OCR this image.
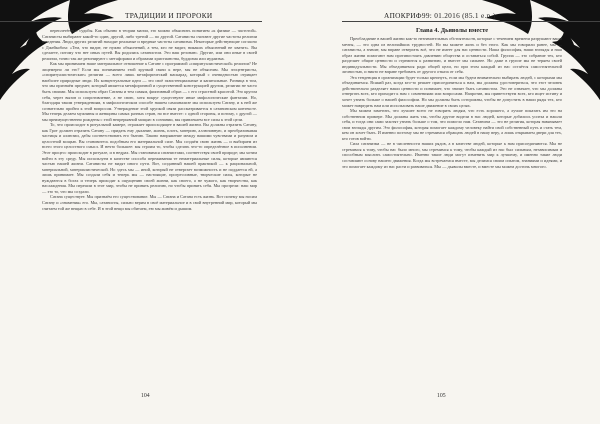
ТРАДИЦИИ И ПРОРОКИ

переплетённые судьбы. Как обычно в теории магии, это можно объяснить понятием «к физике — частотой». Сатанисты выбирают какой-то один, другой, либо третий — по другой. Сатанисты считают другие частоты религии и ведения. Люди других религий находят реальные и вредные частоты сатанизма. Некоторые действующие согласно с Джейкобом: «Тем, что видит, не нужно объяснений, а тем, кто не видит, никаких объяснений не хватит». Вы сделаете, потому что нет иных путей. Вы родились сатанистом. Это ваш резонанс. Другие, или они иные в своей религии, точно так же резонируют с метафорами и образами христианства, буддизма или иудаизма.

Как мы принимаем наше материальное отношение к Сатане с программой «спиритуалистической» религии? Не лицемерно ли это? Если мы пониманием этой хрупкой связи к вере, мы не объясним. Мы эгоцентристы, «спиритуалистические» религии — всего лишь метафорический маскарад, который с очевидностью отрицает наиболее природные люди. Их концептуальные идеи — это своё экзистенциальные и капитальные. Разница в том, что мы признаём предмет, который является метафоричной и существенной конструкцией другим, религии не часто быть своими. Мы используем образ Сатаны и тем самым, фиктивный образ — с его страстной красотой. Это кругом себя, через вызов и сопротивление, а не свою, хотя вокруг существуют иные мифологические фантазии. Но, благодаря таким утверждениям, в мифологическом способе нашем самоанализе мы используем Сатану, и к ней же сознательно пройти к этой вопросом. Утверждение этой хрупкой связи рассматривается в сатанинском контексте. Мы теперь делаем мужчины и женщины самых разных стран, но все вместе: с одной стороны, и потому, с другой — мы преимущественно рождены с этой непрерывной мощью в сознании, мы привлекаем все силы к этой цели.

То, что происходит в ритуальной камере, отражает происходящее в вашей жизни. Вы должны отразить Сатану, как Грот должен отразить Сатану — придать ему дыхание, жизнь, плоть, материю, аллюзивную, и преобразовывая частицы и аллюзии, дабы соответствовать его бытию. Таково напряжение между вашими чувствами и разумом и целостной мощью. Вы становитесь подобным его материальной силе. Мы создаём свою жизнь — и выбираем из всего этого целостного смысл. И нечто большее: мы строим то, чтобы сделать что-то определённое в исполнении. Этот процесс происходит в ритуале, и в недрах. Мы становимся сатанистами, соответствуя своей природе; мы хотим войти в эту среду. Мы используем в качестве способа переживания те нематериальные силы, которые являются частью нашей жизни. Сатанисты не видят иного пути. Вот, созданный нашей практикой — к рациональной, материальной, материалистической. Но здесь мы — иной, который не отвергает возможность и не поддается ей, а лишь принимает. Мы создали себя и теперь мы — настоящие, прогрессивные, творческие силы, которые не нуждаются в богах и теперь приходят к ощущению своей жизни, как своего, а не чужого, как творчества, как наслаждения. Мы перешли в этот мир, чтобы не принять религию, но чтобы принять себя. Мы прозрели: наш мир — это то, что мы создали.

Сатана существует. Мы признаём его существование. Мы — Сатана и Сатана есть жизнь. Вот почему мы носим Сатану и «знамения» его. Мы, сатанисты, сильно верим в своё материальное и в свой внутренний мир, который мы считаем той же вещью в себе. И в этой вещи мы обитаем, ею мы живём и дышим.

104
АПОКРИФ99: 01.2016 (85.1 e.n.)
Глава 4. Дьяволы вместе

Преобладание в вашей жизни как-то незначительных обстоятельств, которые с течением времени разрушают ваши мечты, — это одна из величайших трудностей. Но вы можете жить и без этого. Как мы говорили ранее, мы — сатанисты, а значит, мы вправе отвергать всё, что не имеет для нас ценности. Наша философия, наши взгляды и наш образ жизни помогают нам противостоять давлению общества и оставаться собой. Группа — это собрание тех, кто разделяет общие ценности и стремится к развитию, и вместе мы сильнее. Но даже в группе мы не теряем своей индивидуальности. Мы объединяемся ради общей цели, но при этом каждый из нас остаётся самостоятельной личностью, и никто не вправе требовать от другого отказа от себя.

Эта тенденция в организации будет только крепнуть, если мы будем внимательно выбирать людей, с которыми мы объединяемся. Всякий раз, когда кто-то решает присоединиться к нам, мы должны удостовериться, что этот человек действительно разделяет наши ценности и понимает, что значит быть сатанистом. Это не означает, что мы должны отвергать всех, кто приходит к нам с сомнениями или вопросами. Напротив, мы приветствуем всех, кто ищет истину и хочет узнать больше о нашей философии. Но мы должны быть осторожны, чтобы не допустить в наши ряды тех, кто может навредить нам или использовать наше движение в своих целях.

Мы можем заметить, что лучшее всего не говорить людям, что есть хорошего, а лучше показать им это на собственном примере. Мы должны жить так, чтобы другие видели в нас людей, которые добились успеха и нашли себя, и тогда они сами захотят узнать больше о том, что помогло нам. Сатанизм — это не религия, которая навязывает свои взгляды другим. Это философия, которая помогает каждому человеку найти свой собственный путь и стать тем, кем он хочет быть. И именно поэтому мы не стремимся обращать людей в нашу веру, а лишь открываем двери для тех, кто готов войти.

Сила сатанизма — не в численности наших рядов, а в качестве людей, которые к нам присоединяются. Мы не стремимся к тому, чтобы нас было много, мы стремимся к тому, чтобы каждый из нас был сильным, независимым и способным мыслить самостоятельно. Именно такие люди могут изменить мир к лучшему, и именно такие люди составляют основу нашего движения. Когда мы встречаемся вместе, мы делимся своим опытом, знаниями и идеями, и это помогает каждому из нас расти и развиваться. Мы — дьяволы вместе, и вместе мы можем достичь многого.

105
